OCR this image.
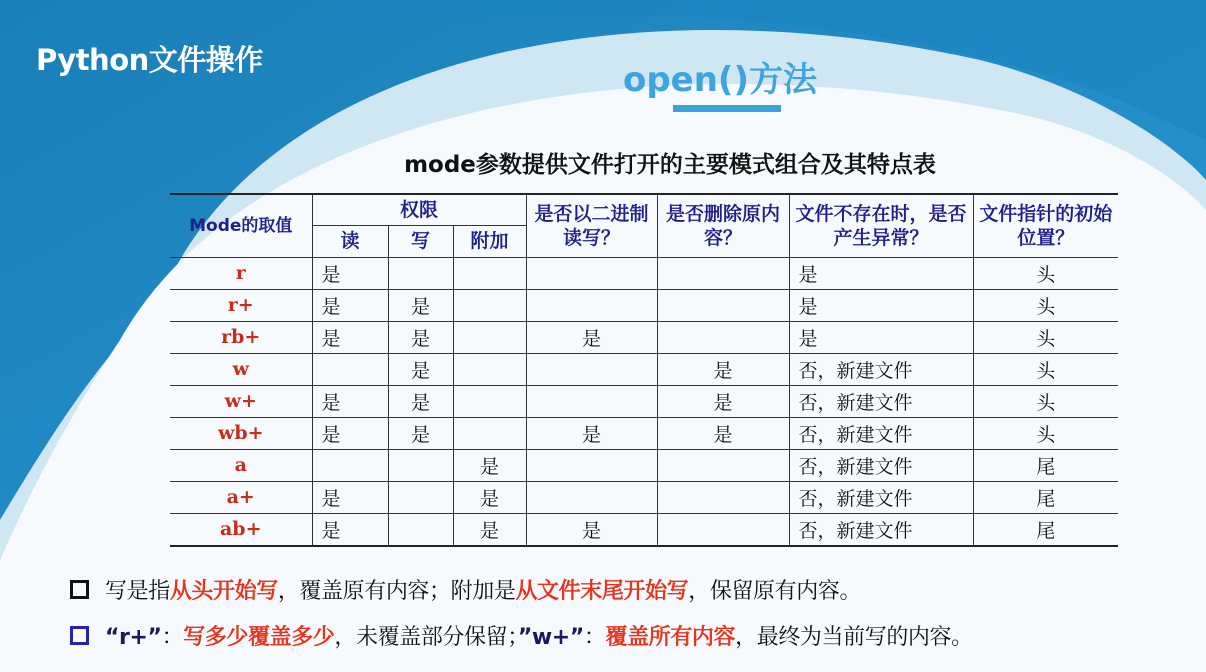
Python文件操作	open()方法
mode参数提供文件打开的主要模式组合及其特点表
Mode的取值	权限			是否以二进制读写？	是否删除原内容？	文件不存在时，是否产生异常？	文件指针的初始位置？
	读	写	附加				
r	是					是	头
r+	是	是				是	头
rb+	是	是		是		是	头
w		是			是	否，新建文件	头
w+	是	是			是	否，新建文件	头
wb+	是	是		是	是	否，新建文件	头
a			是			否，新建文件	尾
a+	是		是			否，新建文件	尾
ab+	是		是	是		否，新建文件	尾
写是指从头开始写，覆盖原有内容；附加是从文件末尾开始写，保留原有内容。
“r+”：写多少覆盖多少，未覆盖部分保留；”w+”：覆盖所有内容，最终为当前写的内容。
